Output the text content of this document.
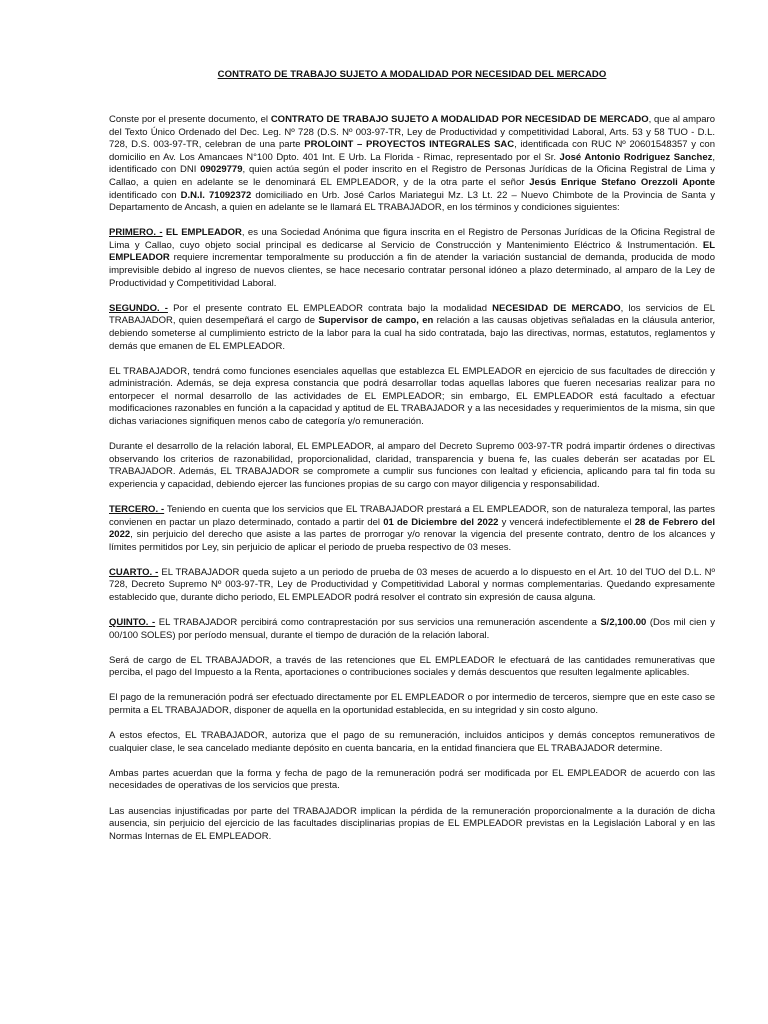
CONTRATO DE TRABAJO SUJETO A MODALIDAD POR NECESIDAD DEL MERCADO

Conste por el presente documento, el CONTRATO DE TRABAJO SUJETO A MODALIDAD POR NECESIDAD DE MERCADO, que al amparo del Texto Único Ordenado del Dec. Leg. Nº 728 (D.S. Nº 003-97-TR, Ley de Productividad y competitividad Laboral, Arts. 53 y 58 TUO - D.L. 728, D.S. 003-97-TR, celebran de una parte PROLOINT – PROYECTOS INTEGRALES SAC, identificada con RUC Nº 20601548357 y con domicilio en Av. Los Amancaes N°100 Dpto. 401 Int. E Urb. La Florida - Rimac, representado por el Sr. José Antonio Rodriguez Sanchez, identificado con DNI 09029779, quien actúa según el poder inscrito en el Registro de Personas Jurídicas de la Oficina Registral de Lima y Callao, a quien en adelante se le denominará EL EMPLEADOR, y de la otra parte el señor Jesús Enrique Stefano Orezzoli Aponte identificado con D.N.I. 71092372 domiciliado en Urb. José Carlos Mariategui Mz. L3 Lt. 22 – Nuevo Chimbote de la Provincia de Santa y Departamento de Ancash, a quien en adelante se le llamará EL TRABAJADOR, en los términos y condiciones siguientes:

PRIMERO. - EL EMPLEADOR, es una Sociedad Anónima que figura inscrita en el Registro de Personas Jurídicas de la Oficina Registral de Lima y Callao, cuyo objeto social principal es dedicarse al Servicio de Construcción y Mantenimiento Eléctrico & Instrumentación. EL EMPLEADOR requiere incrementar temporalmente su producción a fin de atender la variación sustancial de demanda, producida de modo imprevisible debido al ingreso de nuevos clientes, se hace necesario contratar personal idóneo a plazo determinado, al amparo de la Ley de Productividad y Competitividad Laboral.

SEGUNDO. - Por el presente contrato EL EMPLEADOR contrata bajo la modalidad NECESIDAD DE MERCADO, los servicios de EL TRABAJADOR, quien desempeñará el cargo de Supervisor de campo, en relación a las causas objetivas señaladas en la cláusula anterior, debiendo someterse al cumplimiento estricto de la labor para la cual ha sido contratada, bajo las directivas, normas, estatutos, reglamentos y demás que emanen de EL EMPLEADOR.

EL TRABAJADOR, tendrá como funciones esenciales aquellas que establezca EL EMPLEADOR en ejercicio de sus facultades de dirección y administración. Además, se deja expresa constancia que podrá desarrollar todas aquellas labores que fueren necesarias realizar para no entorpecer el normal desarrollo de las actividades de EL EMPLEADOR; sin embargo, EL EMPLEADOR está facultado a efectuar modificaciones razonables en función a la capacidad y aptitud de EL TRABAJADOR y a las necesidades y requerimientos de la misma, sin que dichas variaciones signifiquen menos cabo de categoría y/o remuneración.

Durante el desarrollo de la relación laboral, EL EMPLEADOR, al amparo del Decreto Supremo 003-97-TR podrá impartir órdenes o directivas observando los criterios de razonabilidad, proporcionalidad, claridad, transparencia y buena fe, las cuales deberán ser acatadas por EL TRABAJADOR. Además, EL TRABAJADOR se compromete a cumplir sus funciones con lealtad y eficiencia, aplicando para tal fin toda su experiencia y capacidad, debiendo ejercer las funciones propias de su cargo con mayor diligencia y responsabilidad.

TERCERO. - Teniendo en cuenta que los servicios que EL TRABAJADOR prestará a EL EMPLEADOR, son de naturaleza temporal, las partes convienen en pactar un plazo determinado, contado a partir del 01 de Diciembre del 2022 y vencerá indefectiblemente el 28 de Febrero del 2022, sin perjuicio del derecho que asiste a las partes de prorrogar y/o renovar la vigencia del presente contrato, dentro de los alcances y límites permitidos por Ley, sin perjuicio de aplicar el periodo de prueba respectivo de 03 meses.

CUARTO. - EL TRABAJADOR queda sujeto a un periodo de prueba de 03 meses de acuerdo a lo dispuesto en el Art. 10 del TUO del D.L. Nº 728, Decreto Supremo Nº 003-97-TR, Ley de Productividad y Competitividad Laboral y normas complementarias. Quedando expresamente establecido que, durante dicho periodo, EL EMPLEADOR podrá resolver el contrato sin expresión de causa alguna.

QUINTO. - EL TRABAJADOR percibirá como contraprestación por sus servicios una remuneración ascendente a S/2,100.00 (Dos mil cien y 00/100 SOLES) por período mensual, durante el tiempo de duración de la relación laboral.

Será de cargo de EL TRABAJADOR, a través de las retenciones que EL EMPLEADOR le efectuará de las cantidades remunerativas que perciba, el pago del Impuesto a la Renta, aportaciones o contribuciones sociales y demás descuentos que resulten legalmente aplicables.

El pago de la remuneración podrá ser efectuado directamente por EL EMPLEADOR o por intermedio de terceros, siempre que en este caso se permita a EL TRABAJADOR, disponer de aquella en la oportunidad establecida, en su integridad y sin costo alguno.

A estos efectos, EL TRABAJADOR, autoriza que el pago de su remuneración, incluidos anticipos y demás conceptos remunerativos de cualquier clase, le sea cancelado mediante depósito en cuenta bancaria, en la entidad financiera que EL TRABAJADOR determine.

Ambas partes acuerdan que la forma y fecha de pago de la remuneración podrá ser modificada por EL EMPLEADOR de acuerdo con las necesidades de operativas de los servicios que presta.

Las ausencias injustificadas por parte del TRABAJADOR implican la pérdida de la remuneración proporcionalmente a la duración de dicha ausencia, sin perjuicio del ejercicio de las facultades disciplinarias propias de EL EMPLEADOR previstas en la Legislación Laboral y en las Normas Internas de EL EMPLEADOR.
